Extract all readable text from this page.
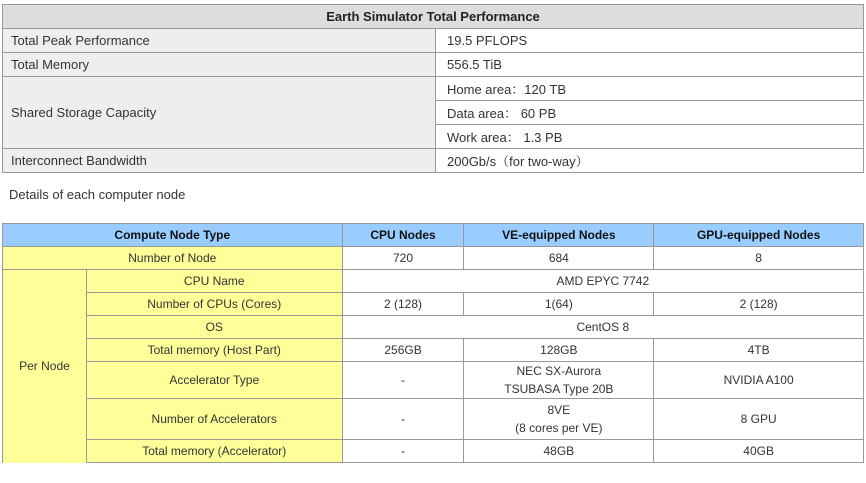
Earth Simulator Total Performance	
Total Peak Performance	19.5 PFLOPS
Total Memory	556.5 TiB
Shared Storage Capacity	Home area：120 TB
	Data area： 60 PB
	Work area： 1.3 PB
Interconnect Bandwidth	200Gb/s（for two-way）
Details of each computer node
Compute Node Type		CPU Nodes	VE-equipped Nodes	GPU-equipped Nodes
Number of Node		720	684	8
Per Node	CPU Name	AMD EPYC 7742		
	Number of CPUs (Cores)	2 (128)	1(64)	2 (128)
	OS	CentOS 8		
	Total memory (Host Part)	256GB	128GB	4TB
	Accelerator Type	-	NEC SX-Aurora
TSUBASA Type 20B	NVIDIA A100
	Number of Accelerators	-	8VE
(8 cores per VE)	8 GPU
	Total memory (Accelerator)	-	48GB	40GB
